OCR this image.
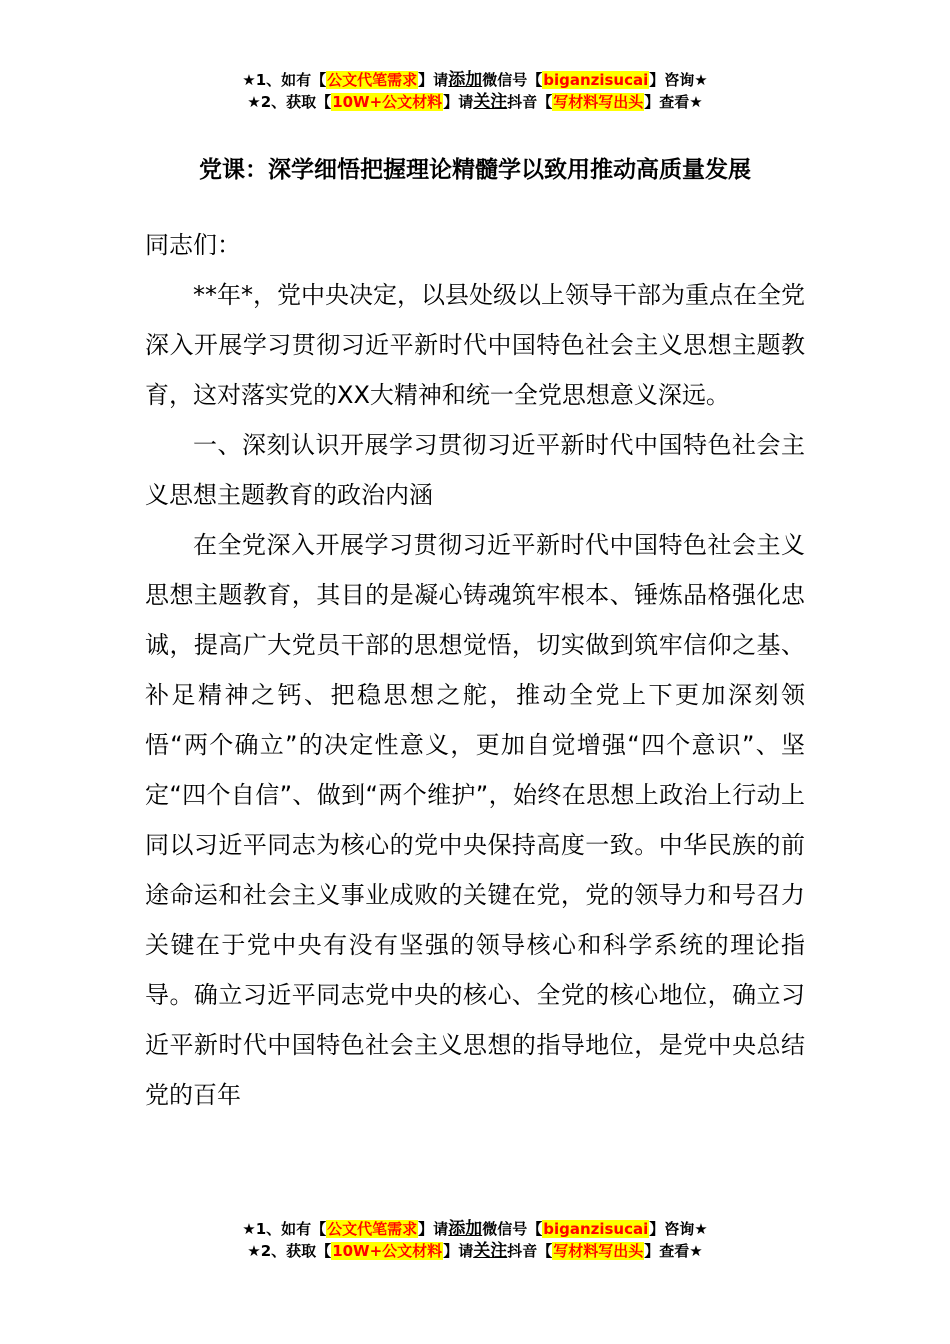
★1、如有【公文代笔需求】请添加微信号【biganzisucai】咨询★
★2、获取【10W+公文材料】请关注抖音【写材料写出头】查看★
党课：深学细悟把握理论精髓学以致用推动高质量发展

同志们：

**年*，党中央决定，以县处级以上领导干部为重点在全党深入开展学习贯彻习近平新时代中国特色社会主义思想主题教育，这对落实党的XX大精神和统一全党思想意义深远。

一、深刻认识开展学习贯彻习近平新时代中国特色社会主义思想主题教育的政治内涵

在全党深入开展学习贯彻习近平新时代中国特色社会主义思想主题教育，其目的是凝心铸魂筑牢根本、锤炼品格强化忠诚，提高广大党员干部的思想觉悟，切实做到筑牢信仰之基、补足精神之钙、把稳思想之舵，推动全党上下更加深刻领悟“两个确立”的决定性意义，更加自觉增强“四个意识”、坚定“四个自信”、做到“两个维护”，始终在思想上政治上行动上同以习近平同志为核心的党中央保持高度一致。中华民族的前途命运和社会主义事业成败的关键在党，党的领导力和号召力关键在于党中央有没有坚强的领导核心和科学系统的理论指导。确立习近平同志党中央的核心、全党的核心地位，确立习近平新时代中国特色社会主义思想的指导地位，是党中央总结党的百年

★1、如有【公文代笔需求】请添加微信号【biganzisucai】咨询★
★2、获取【10W+公文材料】请关注抖音【写材料写出头】查看★
